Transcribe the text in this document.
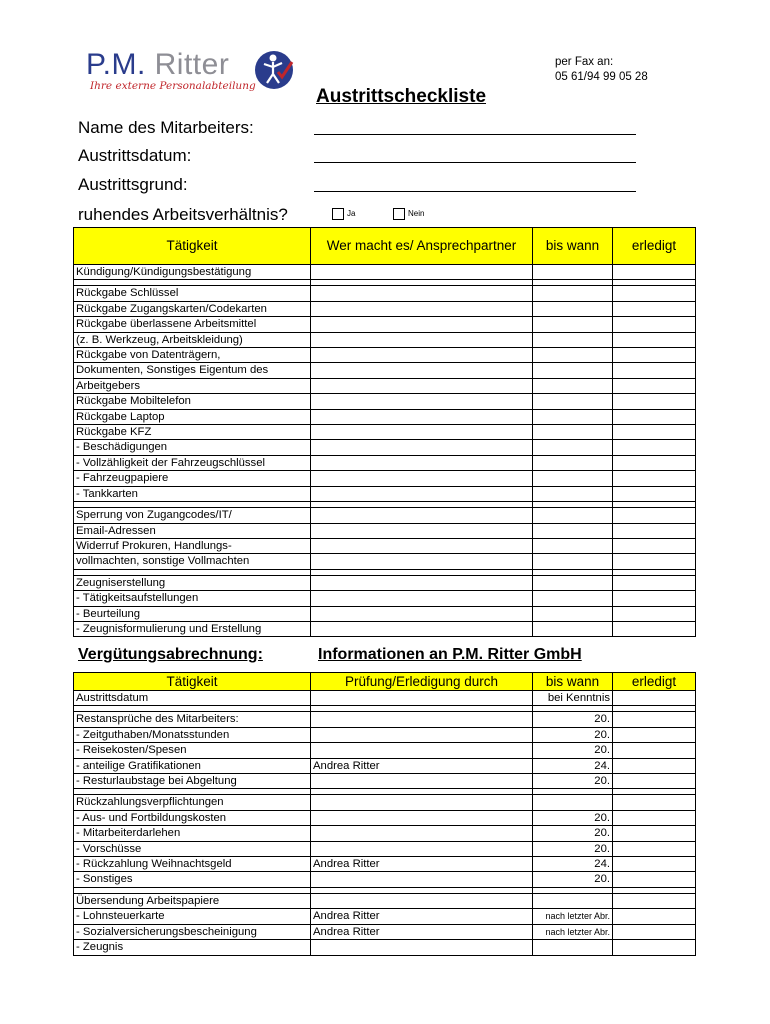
P.M. Ritter
Ihre externe Personalabteilung
per Fax an:
05 61/94 99 05 28
Austrittscheckliste
Name des Mitarbeiters:
Austrittsdatum:
Austrittsgrund:
ruhendes Arbeitsverhältnis?	Ja	Nein
Tätigkeit	Wer macht es/ Ansprechpartner	bis wann	erledigt
Kündigung/Kündigungsbestätigung			

Rückgabe Schlüssel			
Rückgabe Zugangskarten/Codekarten			
Rückgabe überlassene Arbeitsmittel			
(z. B. Werkzeug, Arbeitskleidung)			
Rückgabe von Datenträgern,			
Dokumenten, Sonstiges Eigentum des			
Arbeitgebers			
Rückgabe Mobiltelefon			
Rückgabe Laptop			
Rückgabe KFZ			
- Beschädigungen			
- Vollzähligkeit der Fahrzeugschlüssel			
- Fahrzeugpapiere			
- Tankkarten			

Sperrung von Zugangcodes/IT/			
Email-Adressen			
Widerruf Prokuren, Handlungs-			
vollmachten, sonstige Vollmachten			

Zeugniserstellung			
- Tätigkeitsaufstellungen			
- Beurteilung			
- Zeugnisformulierung und Erstellung			
Vergütungsabrechnung:	Informationen an P.M. Ritter GmbH
Tätigkeit	Prüfung/Erledigung durch	bis wann	erledigt
Austrittsdatum		bei Kenntnis	

Restansprüche des Mitarbeiters:		20.	
- Zeitguthaben/Monatsstunden		20.	
- Reisekosten/Spesen		20.	
- anteilige Gratifikationen	Andrea Ritter	24.	
- Resturlaubstage bei Abgeltung		20.	

Rückzahlungsverpflichtungen			
- Aus- und Fortbildungskosten		20.	
- Mitarbeiterdarlehen		20.	
- Vorschüsse		20.	
- Rückzahlung Weihnachtsgeld	Andrea Ritter	24.	
- Sonstiges		20.	

Übersendung Arbeitspapiere			
- Lohnsteuerkarte	Andrea Ritter	nach letzter Abr.	
- Sozialversicherungsbescheinigung	Andrea Ritter	nach letzter Abr.	
- Zeugnis			
